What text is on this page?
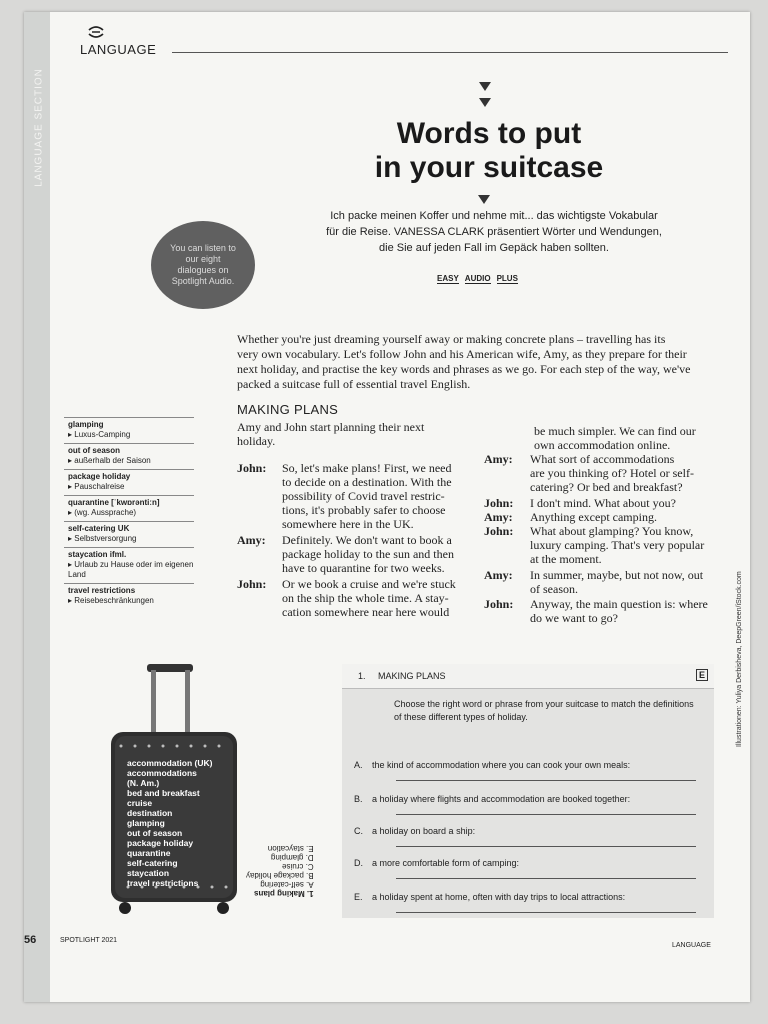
LANGUAGE SECTION
LANGUAGE
Words to put
in your suitcase
Ich packe meinen Koffer und nehme mit... das wichtigste Vokabular
für die Reise. VANESSA CLARK präsentiert Wörter und Wendungen,
die Sie auf jeden Fall im Gepäck haben sollten.
EASY AUDIO PLUS
You can listen to our eight dialogues on Spotlight Audio.
Whether you're just dreaming yourself away or making concrete plans – travelling has its
very own vocabulary. Let's follow John and his American wife, Amy, as they prepare for their
next holiday, and practise the key words and phrases as we go. For each step of the way, we've
packed a suitcase full of essential travel English.
MAKING PLANS
Amy and John start planning their next
holiday.
John: So, let's make plans! First, we need
to decide on a destination. With the
possibility of Covid travel restric-
tions, it's probably safer to choose
somewhere here in the UK.
Amy: Definitely. We don't want to book a
package holiday to the sun and then
have to quarantine for two weeks.
John: Or we book a cruise and we're stuck
on the ship the whole time. A stay-
cation somewhere near here would
be much simpler. We can find our
own accommodation online.
Amy: What sort of accommodations
are you thinking of? Hotel or self-
catering? Or bed and breakfast?
John: I don't mind. What about you?
Amy: Anything except camping.
John: What about glamping? You know,
luxury camping. That's very popular
at the moment.
Amy: In summer, maybe, but not now, out
of season.
John: Anyway, the main question is: where
do we want to go?
glamping
▸ Luxus-Camping
out of season
▸ außerhalb der Saison
package holiday
▸ Pauschalreise
quarantine [ˈkwɒrəntiːn]
▸ (wg. Aussprache)
self-catering UK
▸ Selbstversorgung
staycation ifml.
▸ Urlaub zu Hause oder im eigenen Land
travel restrictions
▸ Reisebeschränkungen
accommodation (UK)
accommodations
(N. Am.)
bed and breakfast
cruise
destination
glamping
out of season
package holiday
quarantine
self-catering
staycation
travel restrictions
1. Making plans
A. self-catering
B. package holiday
C. cruise
D. glamping
E. staycation
1. MAKING PLANS	E
Choose the right word or phrase from your suitcase to match the definitions of these different types of holiday.
A. the kind of accommodation where you can cook your own meals:
B. a holiday where flights and accommodation are booked together:
C. a holiday on board a ship:
D. a more comfortable form of camping:
E. a holiday spent at home, often with day trips to local attractions:
Illustrationen: Yuliya Derbisheva, DeepGreen/iStock.com
56	SPOTLIGHT 2021
LANGUAGE
